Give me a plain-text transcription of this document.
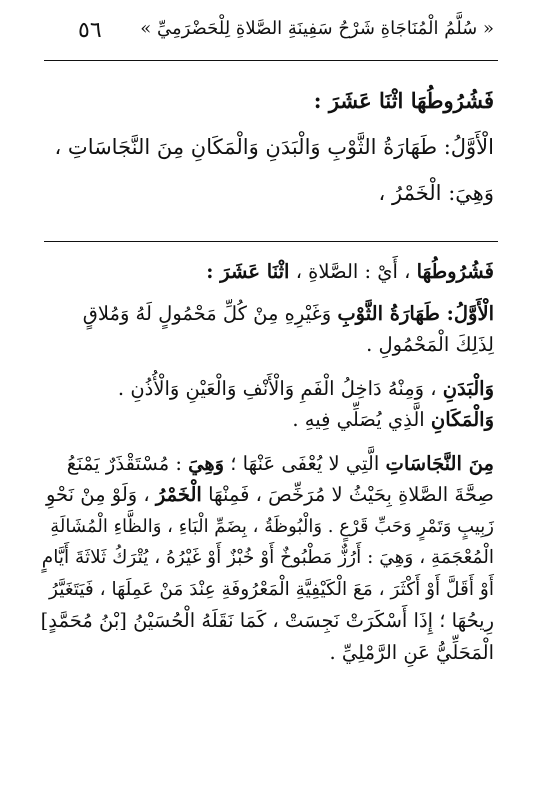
٥٦ « سُلَّمُ الْمُنَاجَاةِ شَرْحُ سَفِينَةِ الصَّلاةِ لِلْحَضْرَمِيِّ »
فَشُرُوطُهَا اثْنَا عَشَرَ :
الْأَوَّلُ: طَهَارَةُ الثَّوْبِ وَالْبَدَنِ وَالْمَكَانِ مِنَ النَّجَاسَاتِ ،
وَهِيَ: الْخَمْرُ ،
فَشُرُوطُهَا ، أَيْ : الصَّلاةِ ، اثْنَا عَشَرَ :
الْأَوَّلُ: طَهَارَةُ الثَّوْبِ وَغَيْرِهِ مِنْ كُلِّ مَحْمُولٍ لَهُ وَمُلاقٍ
لِذَلِكَ الْمَحْمُولِ .
وَالْبَدَنِ ، وَمِنْهُ دَاخِلُ الْفَمِ وَالْأَنْفِ وَالْعَيْنِ وَالْأُذُنِ .
وَالْمَكَانِ الَّذِي يُصَلِّي فِيهِ .
مِنَ النَّجَاسَاتِ الَّتِي لا يُعْفَى عَنْهَا ؛ وَهِيَ : مُسْتَقْذَرٌ يَمْنَعُ
صِحَّةَ الصَّلاةِ بِحَيْثُ لا مُرَخِّصَ ، فَمِنْهَا الْخَمْرُ ، وَلَوْ مِنْ نَحْوِ
زَبِيبٍ وَتَمْرٍ وَحَبِّ قَرْعٍ . وَالْبُوظَةُ ، بِضَمِّ الْبَاءِ ، وَالظَّاءِ الْمُشَالَةِ
الْمُعْجَمَةِ ، وَهِيَ : أَرُزٌّ مَطْبُوخٌ أَوْ خُبْزٌ أَوْ غَيْرُهُ ، يُتْرَكُ ثَلاثَةَ أَيَّامٍ
أَوْ أَقَلَّ أَوْ أَكْثَرَ ، مَعَ الْكَيْفِيَّةِ الْمَعْرُوفَةِ عِنْدَ مَنْ عَمِلَهَا ، فَيَتَغَيَّرُ
رِيحُهَا ؛ إِذَا أَسْكَرَتْ نَجِسَتْ ، كَمَا نَقَلَهُ الْحُسَيْنُ [بْنُ مُحَمَّدٍ]
الْمَحَلِّيُّ عَنِ الرَّمْلِيِّ .
